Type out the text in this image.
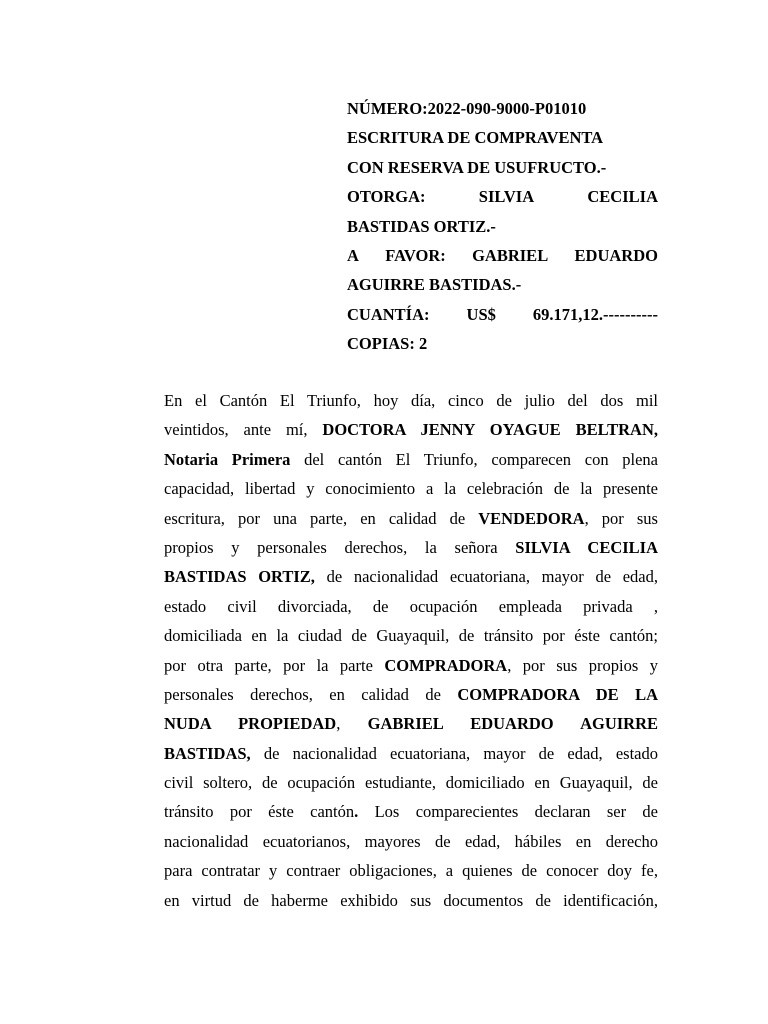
NÚMERO:2022-090-9000-P01010
ESCRITURA DE COMPRAVENTA
CON RESERVA DE USUFRUCTO.-
OTORGA:	SILVIA	CECILIA
BASTIDAS ORTIZ.-
A FAVOR: GABRIEL EDUARDO
AGUIRRE BASTIDAS.-
CUANTÍA: US$ 69.171,12.----------
COPIAS: 2
En el Cantón El Triunfo, hoy día, cinco de julio del dos mil
veintidos, ante mí, DOCTORA JENNY OYAGUE BELTRAN,
Notaria Primera del cantón El Triunfo, comparecen con plena
capacidad, libertad y conocimiento a la celebración de la presente
escritura, por una parte, en calidad de VENDEDORA, por sus
propios y personales derechos, la señora SILVIA CECILIA
BASTIDAS ORTIZ, de nacionalidad ecuatoriana, mayor de edad,
estado civil divorciada, de ocupación empleada privada ,
domiciliada en la ciudad de Guayaquil, de tránsito por éste cantón;
por otra parte, por la parte COMPRADORA, por sus propios y
personales derechos, en calidad de COMPRADORA DE LA
NUDA PROPIEDAD, GABRIEL EDUARDO AGUIRRE
BASTIDAS, de nacionalidad ecuatoriana, mayor de edad, estado
civil soltero, de ocupación estudiante, domiciliado en Guayaquil, de
tránsito por éste cantón. Los comparecientes declaran ser de
nacionalidad ecuatorianos, mayores de edad, hábiles en derecho
para contratar y contraer obligaciones, a quienes de conocer doy fe,
en virtud de haberme exhibido sus documentos de identificación,
